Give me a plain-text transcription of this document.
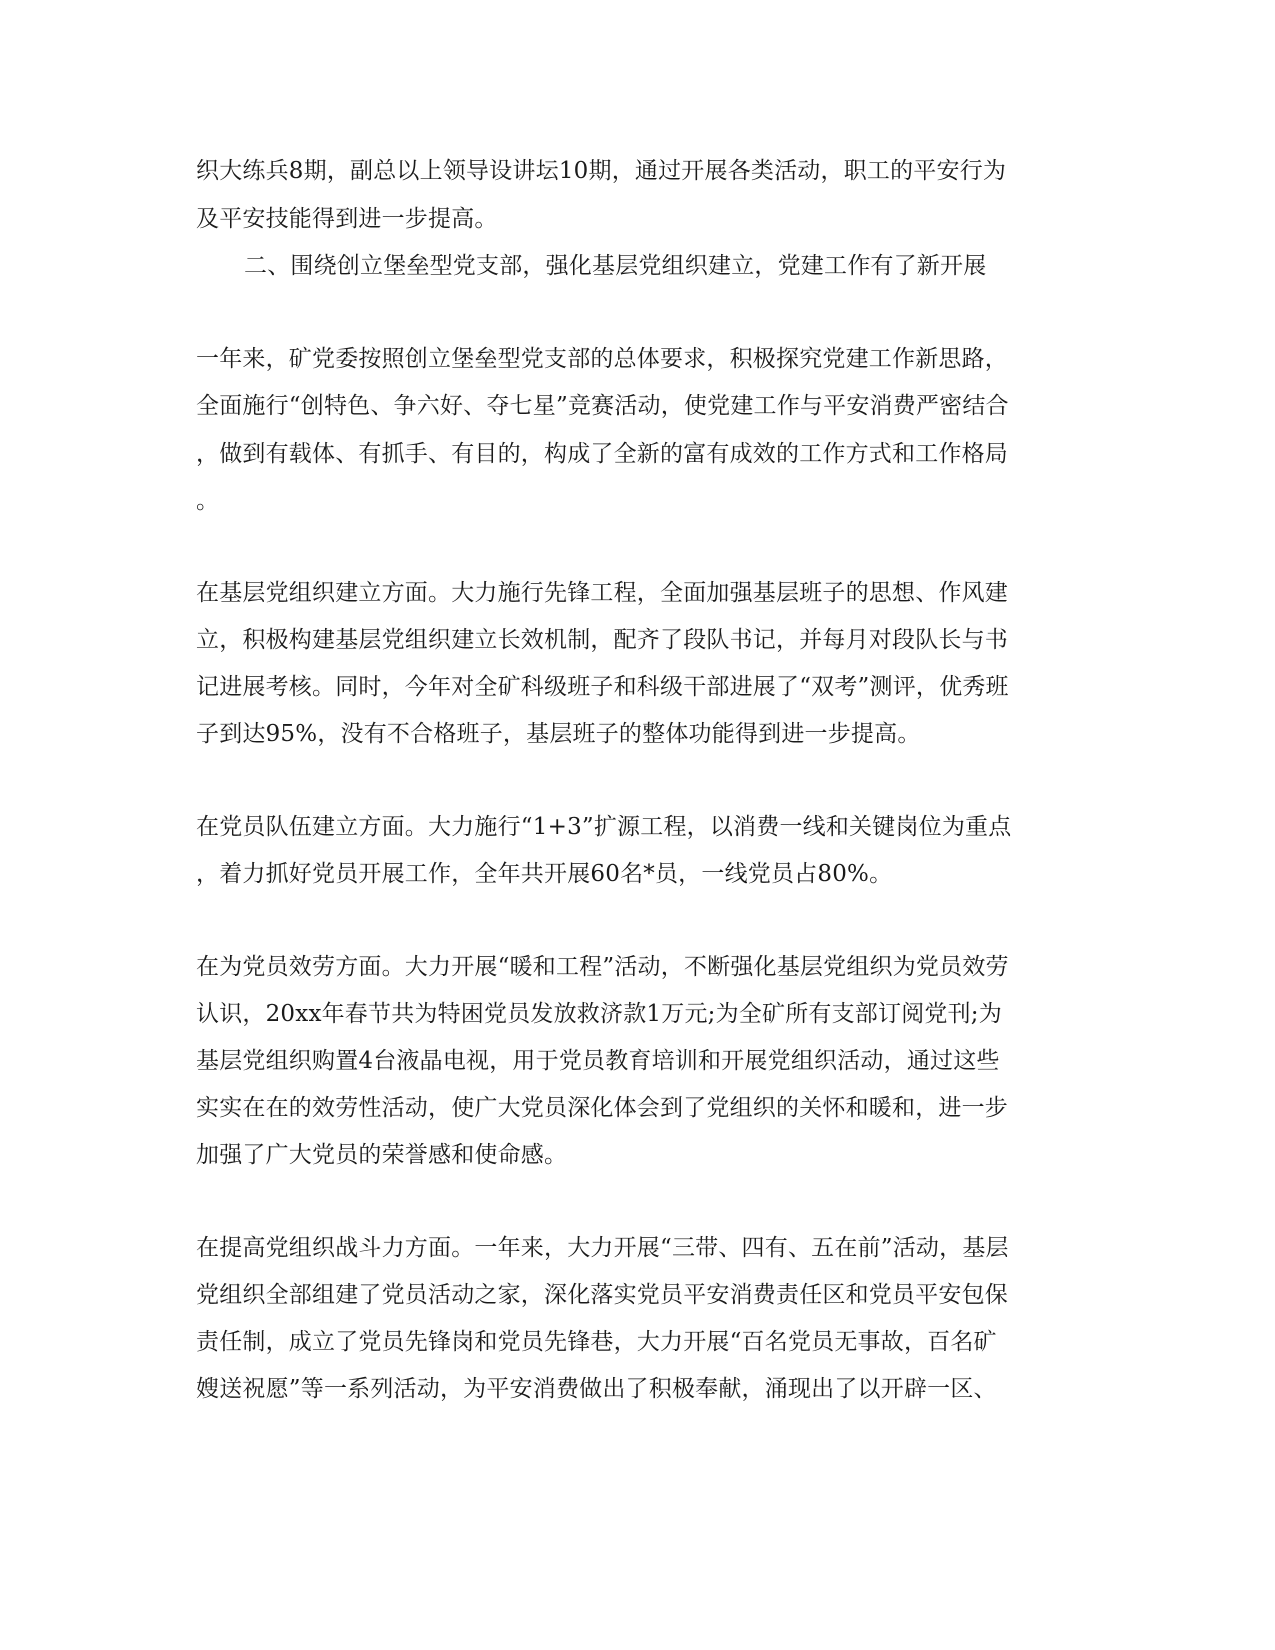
织大练兵8期，副总以上领导设讲坛10期，通过开展各类活动，职工的平安行为
及平安技能得到进一步提高。
二、围绕创立堡垒型党支部，强化基层党组织建立，党建工作有了新开展
一年来，矿党委按照创立堡垒型党支部的总体要求，积极探究党建工作新思路，
全面施行“创特色、争六好、夺七星”竞赛活动，使党建工作与平安消费严密结合
，做到有载体、有抓手、有目的，构成了全新的富有成效的工作方式和工作格局
。
在基层党组织建立方面。大力施行先锋工程，全面加强基层班子的思想、作风建
立，积极构建基层党组织建立长效机制，配齐了段队书记，并每月对段队长与书
记进展考核。同时，今年对全矿科级班子和科级干部进展了“双考”测评，优秀班
子到达95%，没有不合格班子，基层班子的整体功能得到进一步提高。
在党员队伍建立方面。大力施行“1+3”扩源工程，以消费一线和关键岗位为重点
，着力抓好党员开展工作，全年共开展60名*员，一线党员占80%。
在为党员效劳方面。大力开展“暖和工程”活动，不断强化基层党组织为党员效劳
认识，20xx年春节共为特困党员发放救济款1万元;为全矿所有支部订阅党刊;为
基层党组织购置4台液晶电视，用于党员教育培训和开展党组织活动，通过这些
实实在在的效劳性活动，使广大党员深化体会到了党组织的关怀和暖和，进一步
加强了广大党员的荣誉感和使命感。
在提高党组织战斗力方面。一年来，大力开展“三带、四有、五在前”活动，基层
党组织全部组建了党员活动之家，深化落实党员平安消费责任区和党员平安包保
责任制，成立了党员先锋岗和党员先锋巷，大力开展“百名党员无事故，百名矿
嫂送祝愿”等一系列活动，为平安消费做出了积极奉献，涌现出了以开辟一区、
